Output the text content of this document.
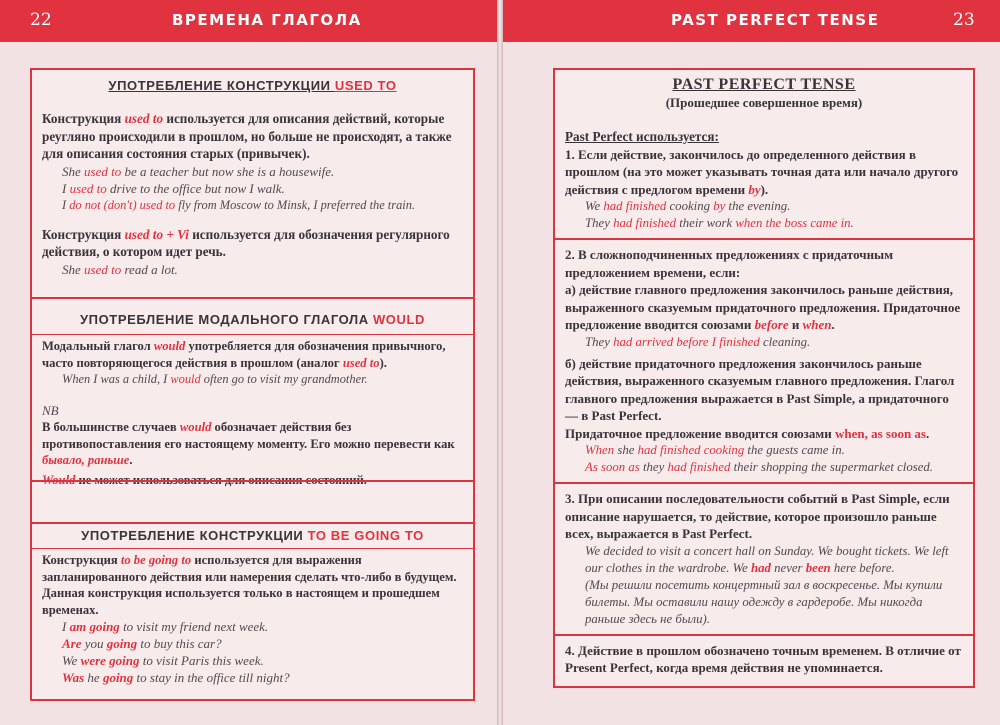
22	ВРЕМЕНА ГЛАГОЛА
УПОТРЕБЛЕНИЕ КОНСТРУКЦИИ USED TO
Конструкция used to используется для описания действий, которые реугляно происходили в прошлом, но больше не происходят, а также для описания состояния старых (привычек).
She used to be a teacher but now she is a housewife.
I used to drive to the office but now I walk.
I do not (don't) used to fly from Moscow to Minsk, I preferred the train.
Конструкция used to + Vi используется для обозначения регулярного действия, о котором идет речь.
She used to read a lot.
УПОТРЕБЛЕНИЕ МОДАЛЬНОГО ГЛАГОЛА WOULD
Модальный глагол would употребляется для обозначения привычного, часто повторяющегося действия в прошлом (аналог used to).
When I was a child, I would often go to visit my grandmother.
NB
В большинстве случаев would обозначает действия без противопоставления его настоящему моменту. Его можно перевести как бывало, раньше.
Would не может использоваться для описания состояний.
УПОТРЕБЛЕНИЕ КОНСТРУКЦИИ TO BE GOING TO
Конструкция to be going to используется для выражения запланированного действия или намерения сделать что-либо в будущем. Данная конструкция используется только в настоящем и прошедшем временах.
I am going to visit my friend next week.
Are you going to buy this car?
We were going to visit Paris this week.
Was he going to stay in the office till night?
PAST PERFECT TENSE	23
PAST PERFECT TENSE
(Прошедшее совершенное время)
Past Perfect используется:
1. Если действие, закончилось до определенного действия в прошлом (на это может указывать точная дата или начало другого действия с предлогом времени by).
We had finished cooking by the evening.
They had finished their work when the boss came in.
2. В сложноподчиненных предложениях с придаточным предложением времени, если:
а) действие главного предложения закончилось раньше действия, выраженного сказуемым придаточного предложения. Придаточное предложение вводится союзами before и when.
They had arrived before I finished cleaning.
б) действие придаточного предложения закончилось раньше действия, выраженного сказуемым главного предложения. Глагол главного предложения выражается в Past Simple, а придаточного — в Past Perfect.
Придаточное предложение вводится союзами when, as soon as.
When she had finished cooking the guests came in.
As soon as they had finished their shopping the supermarket closed.
3. При описании последовательности событий в Past Simple, если описание нарушается, то действие, которое произошло раньше всех, выражается в Past Perfect.
We decided to visit a concert hall on Sunday. We bought tickets. We left our clothes in the wardrobe. We had never been here before.
(Мы решили посетить концертный зал в воскресенье. Мы купили билеты. Мы оставили нашу одежду в гардеробе. Мы никогда раньше здесь не были).
4. Действие в прошлом обозначено точным временем. В отличие от Present Perfect, когда время действия не упоминается.
